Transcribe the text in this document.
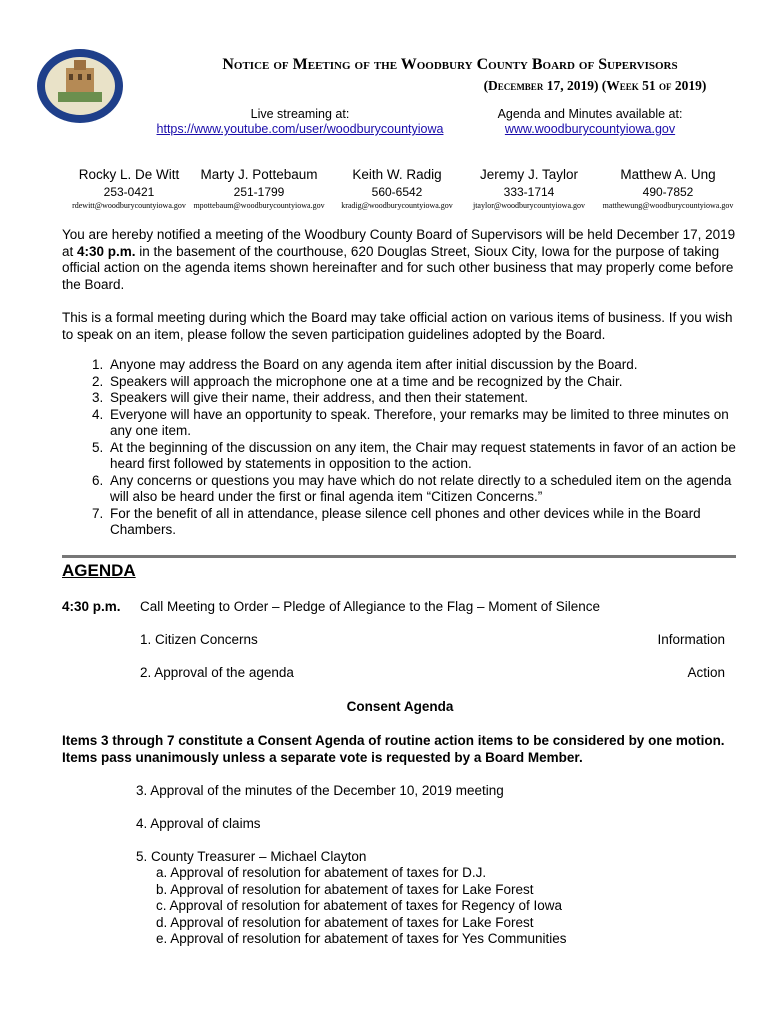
Notice of Meeting of the Woodbury County Board of Supervisors
(December 17, 2019) (Week 51 of 2019)
Live streaming at:
https://www.youtube.com/user/woodburycountyiowa
Agenda and Minutes available at:
www.woodburycountyiowa.gov
Rocky L. De Witt
253-0421
rdewitt@woodburycountyiowa.gov
Marty J. Pottebaum
251-1799
mpottebaum@woodburycountyiowa.gov
Keith W. Radig
560-6542
kradig@woodburycountyiowa.gov
Jeremy J. Taylor
333-1714
jtaylor@woodburycountyiowa.gov
Matthew A. Ung
490-7852
matthewung@woodburycountyiowa.gov
You are hereby notified a meeting of the Woodbury County Board of Supervisors will be held December 17, 2019 at 4:30 p.m. in the basement of the courthouse, 620 Douglas Street, Sioux City, Iowa for the purpose of taking official action on the agenda items shown hereinafter and for such other business that may properly come before the Board.
This is a formal meeting during which the Board may take official action on various items of business. If you wish to speak on an item, please follow the seven participation guidelines adopted by the Board.
1. Anyone may address the Board on any agenda item after initial discussion by the Board.
2. Speakers will approach the microphone one at a time and be recognized by the Chair.
3. Speakers will give their name, their address, and then their statement.
4. Everyone will have an opportunity to speak. Therefore, your remarks may be limited to three minutes on any one item.
5. At the beginning of the discussion on any item, the Chair may request statements in favor of an action be heard first followed by statements in opposition to the action.
6. Any concerns or questions you may have which do not relate directly to a scheduled item on the agenda will also be heard under the first or final agenda item “Citizen Concerns.”
7. For the benefit of all in attendance, please silence cell phones and other devices while in the Board Chambers.
AGENDA
4:30 p.m. Call Meeting to Order – Pledge of Allegiance to the Flag – Moment of Silence
1. Citizen Concerns	Information
2. Approval of the agenda	Action
Consent Agenda
Items 3 through 7 constitute a Consent Agenda of routine action items to be considered by one motion. Items pass unanimously unless a separate vote is requested by a Board Member.
3. Approval of the minutes of the December 10, 2019 meeting
4. Approval of claims
5. County Treasurer – Michael Clayton
a. Approval of resolution for abatement of taxes for D.J.
b. Approval of resolution for abatement of taxes for Lake Forest
c. Approval of resolution for abatement of taxes for Regency of Iowa
d. Approval of resolution for abatement of taxes for Lake Forest
e. Approval of resolution for abatement of taxes for Yes Communities
